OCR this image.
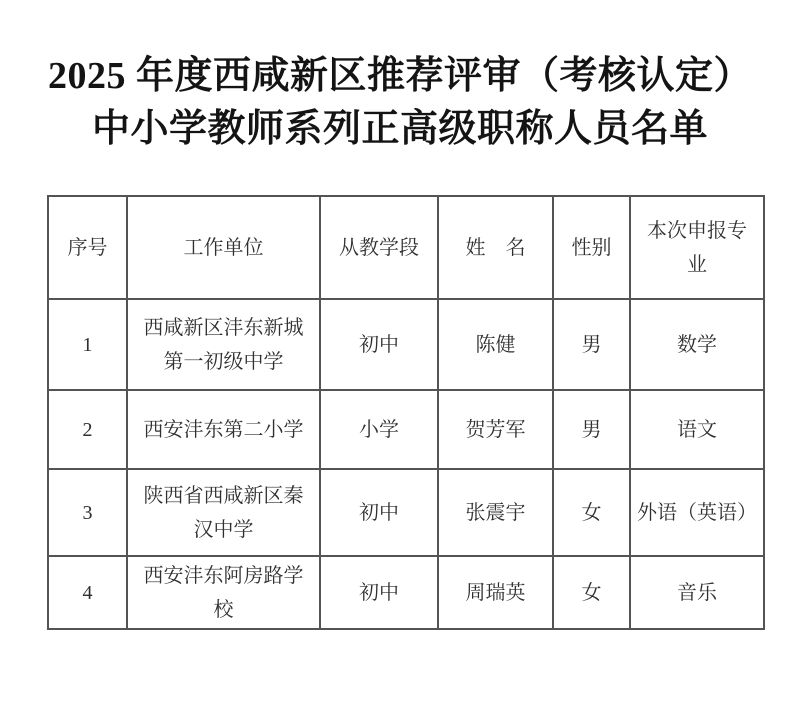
2025 年度西咸新区推荐评审（考核认定）
中小学教师系列正高级职称人员名单
序号	工作单位	从教学段	姓　名	性别	本次申报专业
1	西咸新区沣东新城第一初级中学	初中	陈健	男	数学
2	西安沣东第二小学	小学	贺芳军	男	语文
3	陕西省西咸新区秦汉中学	初中	张震宇	女	外语（英语）
4	西安沣东阿房路学校	初中	周瑞英	女	音乐
